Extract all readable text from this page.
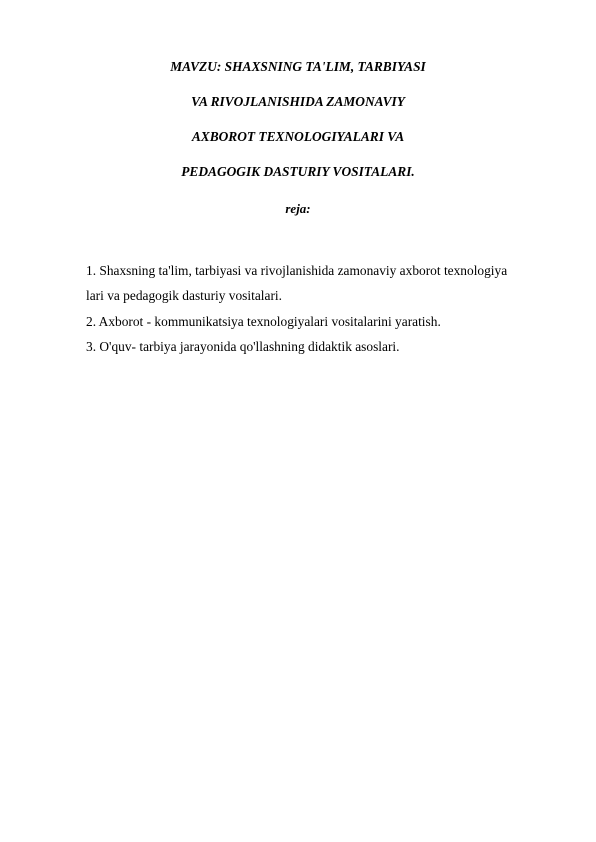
MAVZU: SHAXSNING TA'LIM, TARBIYASI
VA RIVOJLANISHIDA ZAMONAVIY
AXBOROT TEXNOLOGIYALARI VA
PEDAGOGIK DASTURIY VOSITALARI.
reja:
1. Shaxsning ta'lim, tarbiyasi va rivojlanishida zamonaviy axborot texnologiya
lari va pedagogik dasturiy vositalari.
2. Axborot - kommunikatsiya texnologiyalari vositalarini yaratish.
3. O'quv- tarbiya jarayonida qo'llashning didaktik asoslari.
